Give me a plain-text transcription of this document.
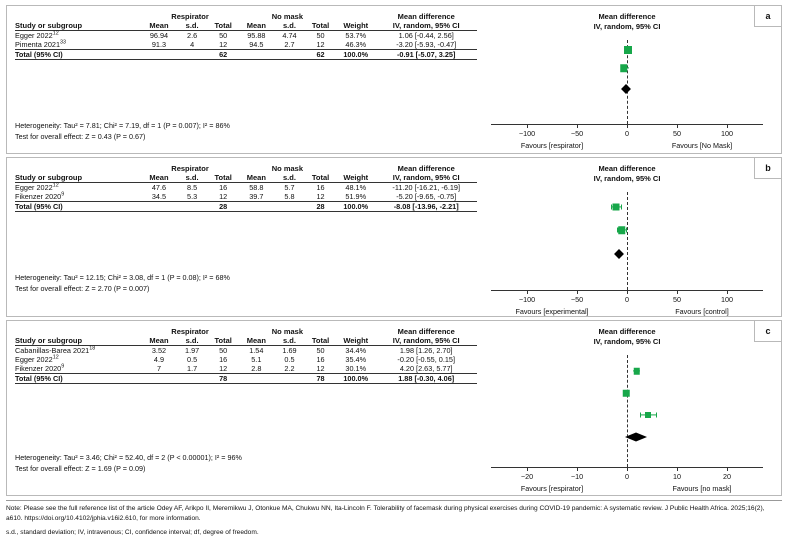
a
	Respirator			No mask				Mean difference
Study or subgroup	Mean	s.d.	Total	Mean	s.d.	Total	Weight	IV, random, 95% CI
Egger 2022$^{12}$	96.94	2.6	50	95.88	4.74	50	53.7%	1.06 [-0.44, 2.56]
Pimenta 2021$^{33}$	91.3	4	12	94.5	2.7	12	46.3%	-3.20 [-5.93, -0.47]
Total (95% CI)			62			62	100.0%	-0.91 [-5.07, 3.25]
Heterogeneity: Tau² = 7.81; Chi² = 7.19, df = 1 (P = 0.007); I² = 86%
Test for overall effect: Z = 0.43 (P = 0.67)
Mean difference
IV, random, 95% CI
−100	−50	0	50	100
Favours [respirator]	Favours [No Mask]
b
	Respirator			No mask				Mean difference
Study or subgroup	Mean	s.d.	Total	Mean	s.d.	Total	Weight	IV, random, 95% CI
Egger 2022$^{12}$	47.6	8.5	16	58.8	5.7	16	48.1%	-11.20 [-16.21, -6.19]
Fikenzer 2020$^9$	34.5	5.3	12	39.7	5.8	12	51.9%	-5.20 [-9.65, -0.75]
Total (95% CI)			28			28	100.0%	-8.08 [-13.96, -2.21]
Heterogeneity: Tau² = 12.15; Chi² = 3.08, df = 1 (P = 0.08); I² = 68%
Test for overall effect: Z = 2.70 (P = 0.007)
Mean difference
IV, random, 95% CI
−100	−50	0	50	100
Favours [experimental]	Favours [control]
c
	Respirator			No mask				Mean difference
Study or subgroup	Mean	s.d.	Total	Mean	s.d.	Total	Weight	IV, random, 95% CI
Cabanillas-Barea 2021$^{18}$	3.52	1.97	50	1.54	1.69	50	34.4%	1.98 [1.26, 2.70]
Egger 2022$^{12}$	4.9	0.5	16	5.1	0.5	16	35.4%	-0.20 [-0.55, 0.15]
Fikenzer 2020$^9$	7	1.7	12	2.8	2.2	12	30.1%	4.20 [2.63, 5.77]
Total (95% CI)			78			78	100.0%	1.88 [-0.30, 4.06]
Heterogeneity: Tau² = 3.46; Chi² = 52.40, df = 2 (P < 0.00001); I² = 96%
Test for overall effect: Z = 1.69 (P = 0.09)
Mean difference
IV, random, 95% CI
−20	−10	0	10	20
Favours [respirator]	Favours [no mask]
Note: Please see the full reference list of the article Odey AF, Arikpo II, Meremikwu J, Otonkue MA, Chukwu NN, Ita-Lincoln F. Tolerability of facemask during physical exercises during COVID-19 pandemic: A systematic review. J Public Health Africa. 2025;16(2), a610. https://doi.org/10.4102/jphia.v16i2.610, for more information.
s.d., standard deviation; IV, intravenous; CI, confidence interval; df, degree of freedom.
